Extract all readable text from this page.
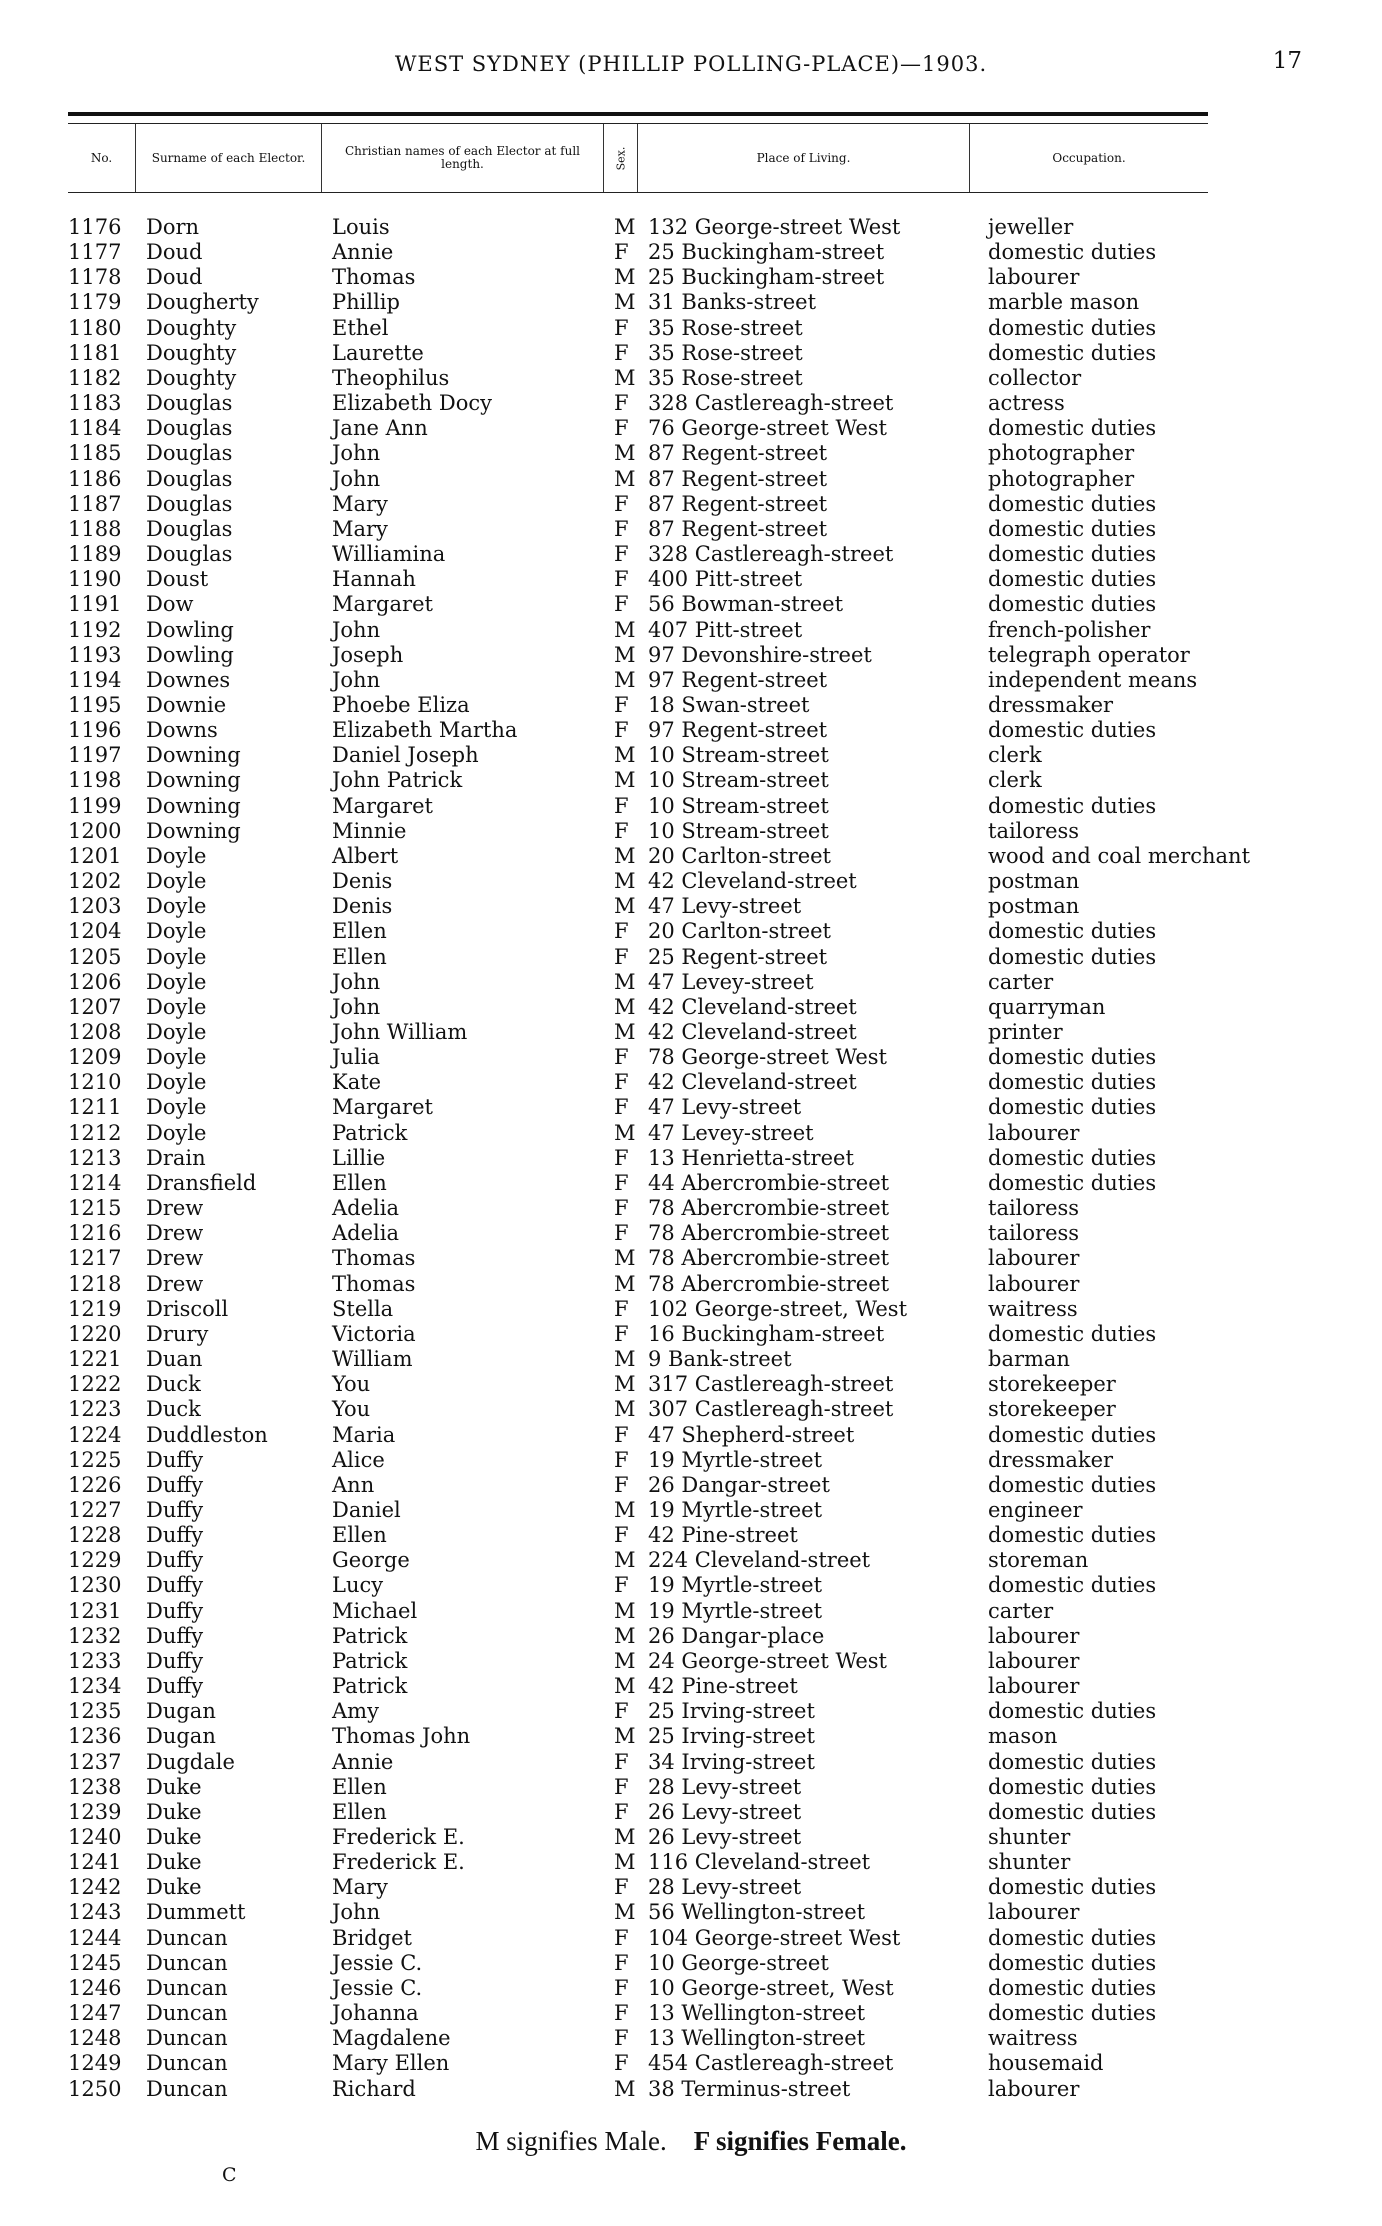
WEST SYDNEY (PHILLIP POLLING-PLACE)—1903.	17
No.	Surname of each Elector.	Christian names of each Elector at full length.	Sex.	Place of Living.	Occupation.
1176 Dorn	Louis	M 132 George-street West	jeweller
1177 Doud	Annie	F 25 Buckingham-street	domestic duties
1178 Doud	Thomas	M 25 Buckingham-street	labourer
1179 Dougherty	Phillip	M 31 Banks-street	marble mason
1180 Doughty	Ethel	F 35 Rose-street	domestic duties
1181 Doughty	Laurette	F 35 Rose-street	domestic duties
1182 Doughty	Theophilus	M 35 Rose-street	collector
1183 Douglas	Elizabeth Docy	F 328 Castlereagh-street	actress
1184 Douglas	Jane Ann	F 76 George-street West	domestic duties
1185 Douglas	John	M 87 Regent-street	photographer
1186 Douglas	John	M 87 Regent-street	photographer
1187 Douglas	Mary	F 87 Regent-street	domestic duties
1188 Douglas	Mary	F 87 Regent-street	domestic duties
1189 Douglas	Williamina	F 328 Castlereagh-street	domestic duties
1190 Doust	Hannah	F 400 Pitt-street	domestic duties
1191 Dow	Margaret	F 56 Bowman-street	domestic duties
1192 Dowling	John	M 407 Pitt-street	french-polisher
1193 Dowling	Joseph	M 97 Devonshire-street	telegraph operator
1194 Downes	John	M 97 Regent-street	independent means
1195 Downie	Phoebe Eliza	F 18 Swan-street	dressmaker
1196 Downs	Elizabeth Martha	F 97 Regent-street	domestic duties
1197 Downing	Daniel Joseph	M 10 Stream-street	clerk
1198 Downing	John Patrick	M 10 Stream-street	clerk
1199 Downing	Margaret	F 10 Stream-street	domestic duties
1200 Downing	Minnie	F 10 Stream-street	tailoress
1201 Doyle	Albert	M 20 Carlton-street	wood and coal merchant
1202 Doyle	Denis	M 42 Cleveland-street	postman
1203 Doyle	Denis	M 47 Levy-street	postman
1204 Doyle	Ellen	F 20 Carlton-street	domestic duties
1205 Doyle	Ellen	F 25 Regent-street	domestic duties
1206 Doyle	John	M 47 Levey-street	carter
1207 Doyle	John	M 42 Cleveland-street	quarryman
1208 Doyle	John William	M 42 Cleveland-street	printer
1209 Doyle	Julia	F 78 George-street West	domestic duties
1210 Doyle	Kate	F 42 Cleveland-street	domestic duties
1211 Doyle	Margaret	F 47 Levy-street	domestic duties
1212 Doyle	Patrick	M 47 Levey-street	labourer
1213 Drain	Lillie	F 13 Henrietta-street	domestic duties
1214 Dransfield	Ellen	F 44 Abercrombie-street	domestic duties
1215 Drew	Adelia	F 78 Abercrombie-street	tailoress
1216 Drew	Adelia	F 78 Abercrombie-street	tailoress
1217 Drew	Thomas	M 78 Abercrombie-street	labourer
1218 Drew	Thomas	M 78 Abercrombie-street	labourer
1219 Driscoll	Stella	F 102 George-street, West	waitress
1220 Drury	Victoria	F 16 Buckingham-street	domestic duties
1221 Duan	William	M 9 Bank-street	barman
1222 Duck	You	M 317 Castlereagh-street	storekeeper
1223 Duck	You	M 307 Castlereagh-street	storekeeper
1224 Duddleston	Maria	F 47 Shepherd-street	domestic duties
1225 Duffy	Alice	F 19 Myrtle-street	dressmaker
1226 Duffy	Ann	F 26 Dangar-street	domestic duties
1227 Duffy	Daniel	M 19 Myrtle-street	engineer
1228 Duffy	Ellen	F 42 Pine-street	domestic duties
1229 Duffy	George	M 224 Cleveland-street	storeman
1230 Duffy	Lucy	F 19 Myrtle-street	domestic duties
1231 Duffy	Michael	M 19 Myrtle-street	carter
1232 Duffy	Patrick	M 26 Dangar-place	labourer
1233 Duffy	Patrick	M 24 George-street West	labourer
1234 Duffy	Patrick	M 42 Pine-street	labourer
1235 Dugan	Amy	F 25 Irving-street	domestic duties
1236 Dugan	Thomas John	M 25 Irving-street	mason
1237 Dugdale	Annie	F 34 Irving-street	domestic duties
1238 Duke	Ellen	F 28 Levy-street	domestic duties
1239 Duke	Ellen	F 26 Levy-street	domestic duties
1240 Duke	Frederick E.	M 26 Levy-street	shunter
1241 Duke	Frederick E.	M 116 Cleveland-street	shunter
1242 Duke	Mary	F 28 Levy-street	domestic duties
1243 Dummett	John	M 56 Wellington-street	labourer
1244 Duncan	Bridget	F 104 George-street West	domestic duties
1245 Duncan	Jessie C.	F 10 George-street	domestic duties
1246 Duncan	Jessie C.	F 10 George-street, West	domestic duties
1247 Duncan	Johanna	F 13 Wellington-street	domestic duties
1248 Duncan	Magdalene	F 13 Wellington-street	waitress
1249 Duncan	Mary Ellen	F 454 Castlereagh-street	housemaid
1250 Duncan	Richard	M 38 Terminus-street	labourer
M signifies Male. F signifies Female.
C
